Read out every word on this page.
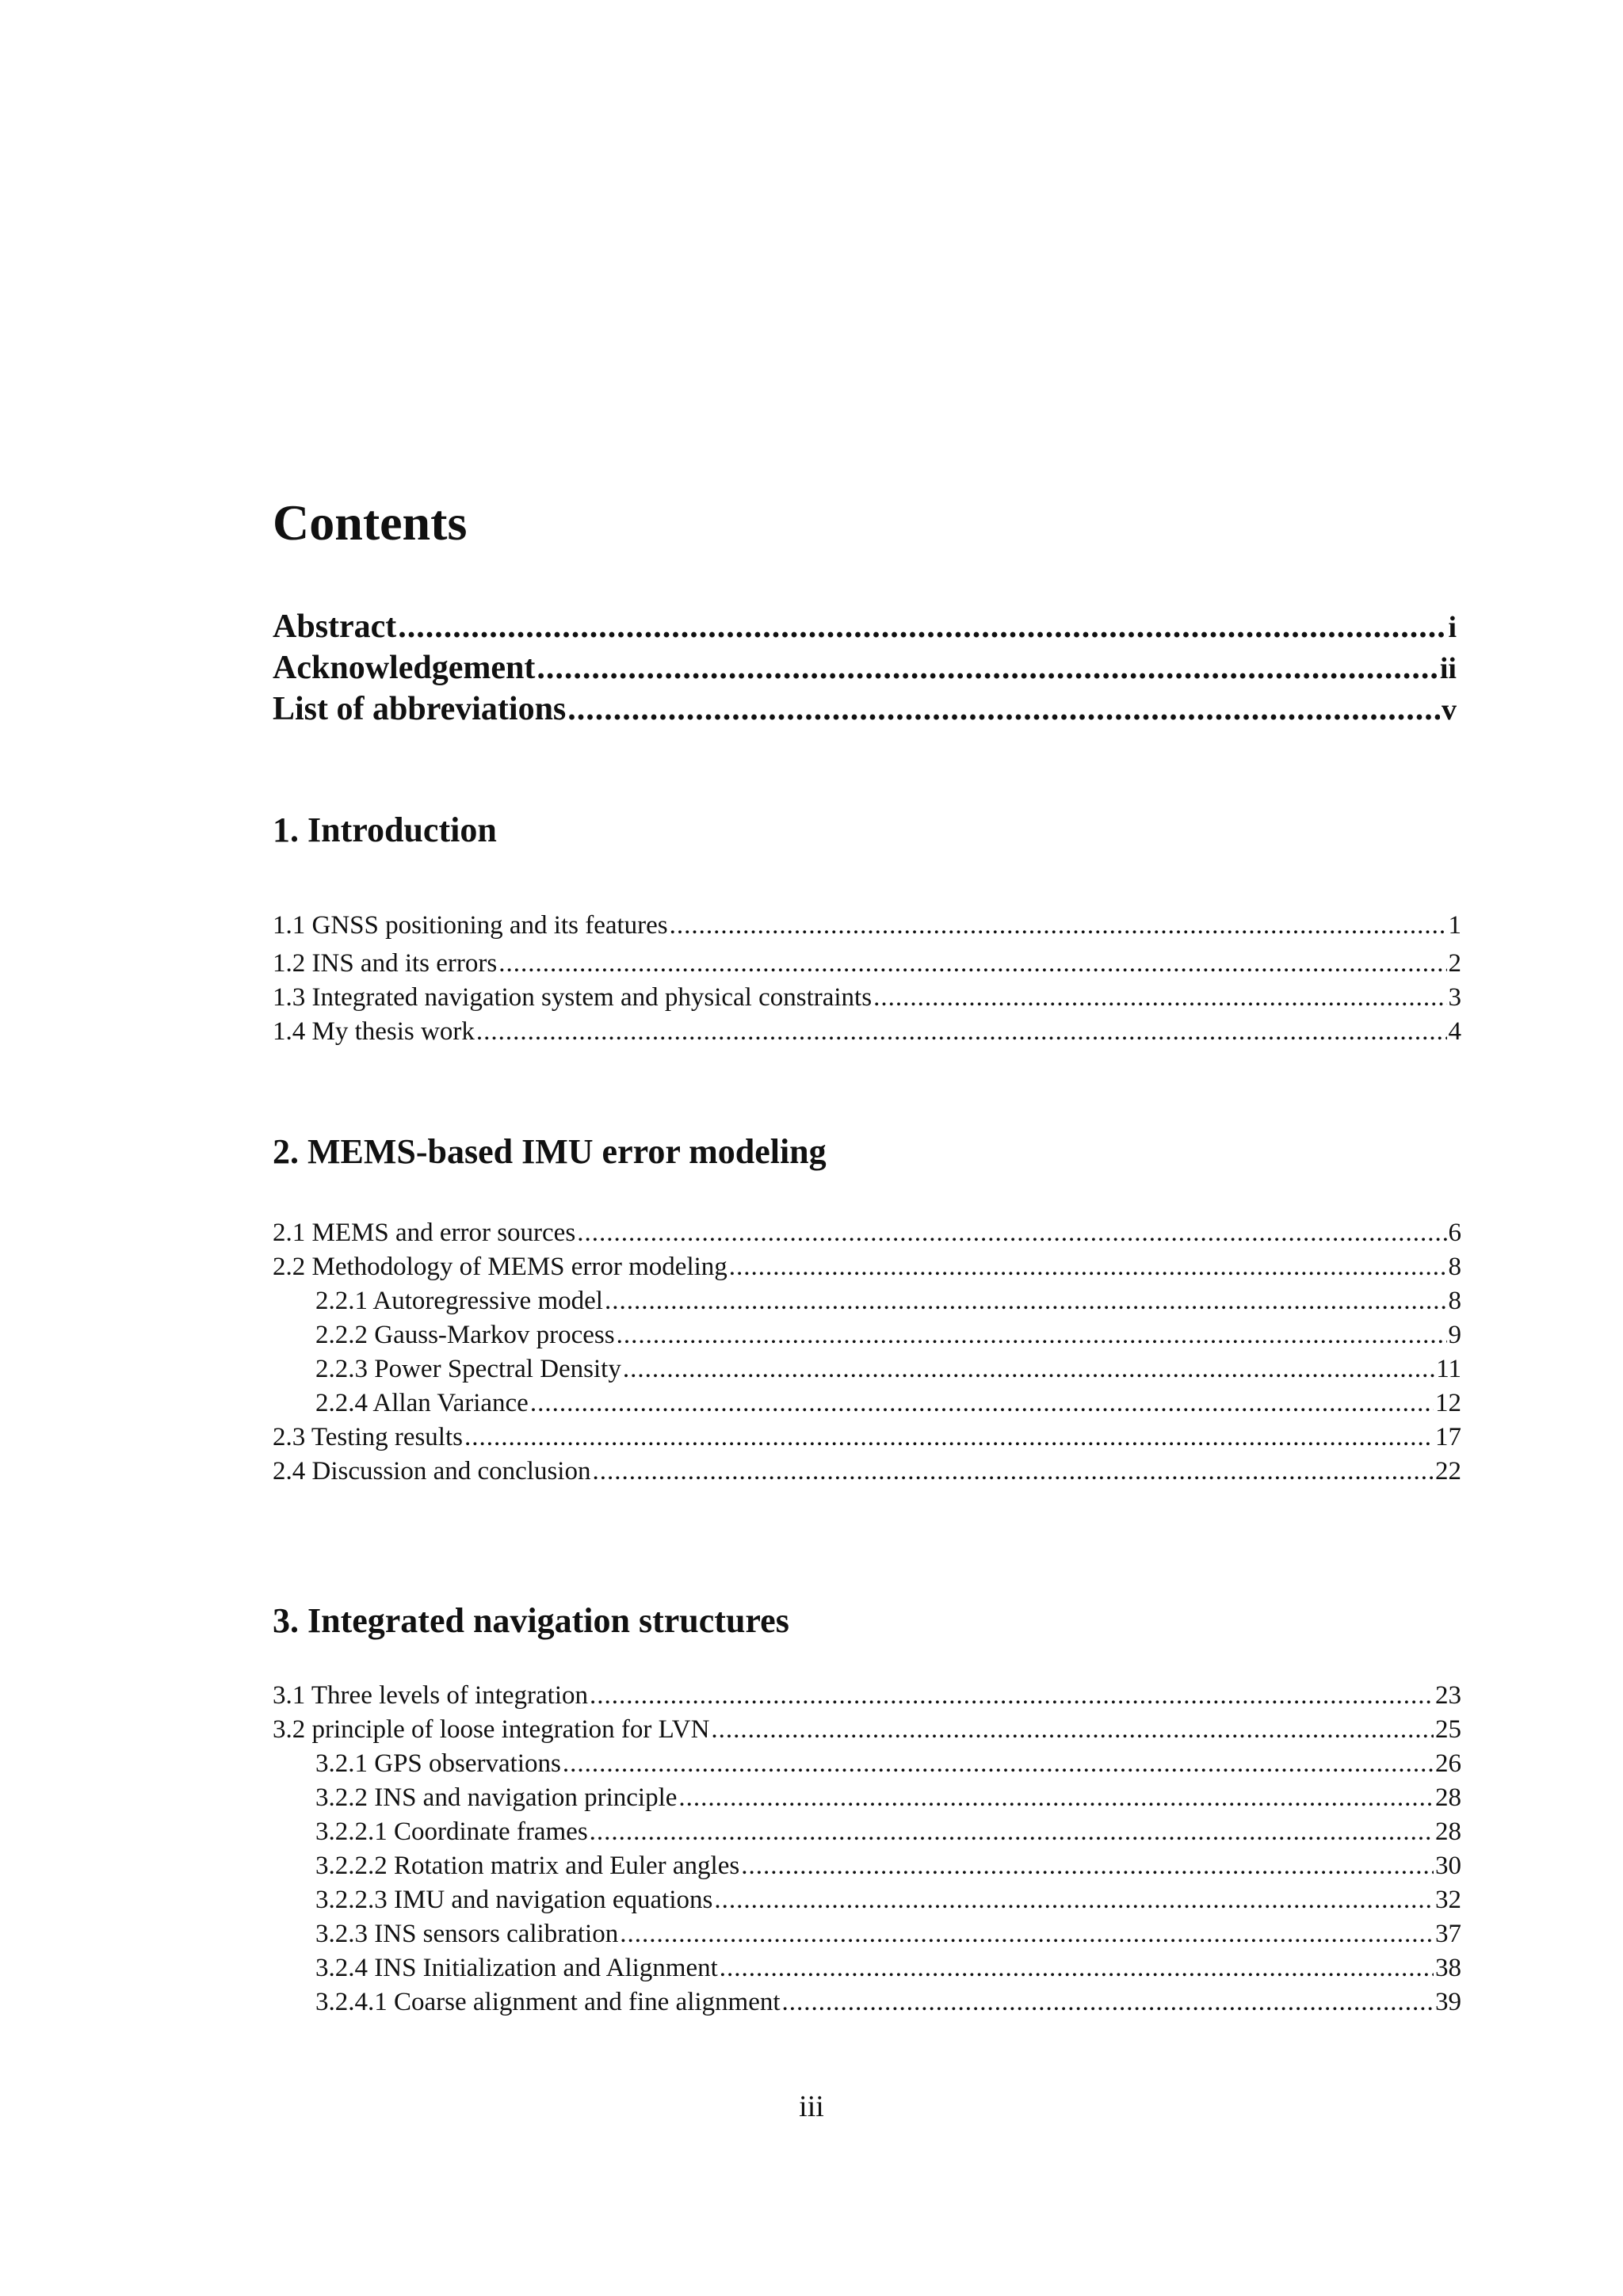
Contents
Abstract .....	i
Acknowledgement .....	ii
List of abbreviations .....	v
1. Introduction
1.1 GNSS positioning and its features .....	1
1.2 INS and its errors .....	2
1.3 Integrated navigation system and physical constraints .....	3
1.4 My thesis work .....	4
2. MEMS-based IMU error modeling
2.1 MEMS and error sources .....	6
2.2 Methodology of MEMS error modeling .....	8
2.2.1 Autoregressive model .....	8
2.2.2 Gauss-Markov process .....	9
2.2.3 Power Spectral Density .....	11
2.2.4 Allan Variance .....	12
2.3 Testing results .....	17
2.4 Discussion and conclusion .....	22
3. Integrated navigation structures
3.1 Three levels of integration .....	23
3.2 principle of loose integration for LVN .....	25
3.2.1 GPS observations .....	26
3.2.2 INS and navigation principle .....	28
3.2.2.1 Coordinate frames .....	28
3.2.2.2 Rotation matrix and Euler angles .....	30
3.2.2.3 IMU and navigation equations .....	32
3.2.3 INS sensors calibration .....	37
3.2.4 INS Initialization and Alignment .....	38
3.2.4.1 Coarse alignment and fine alignment .....	39
iii
